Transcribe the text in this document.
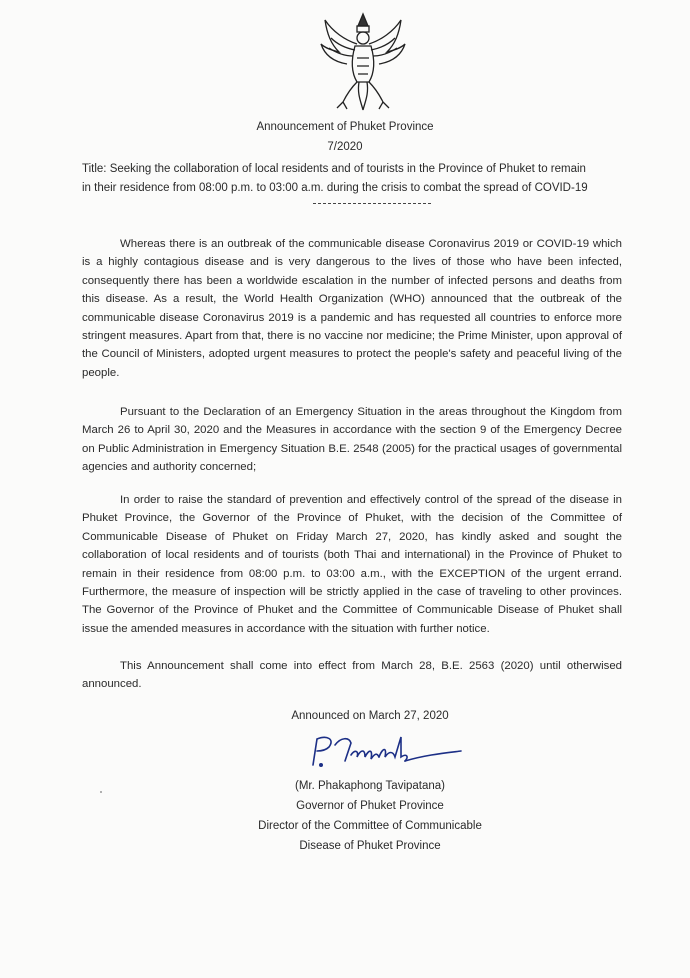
Announcement of Phuket Province
7/2020
Title: Seeking the collaboration of local residents and of tourists in the Province of Phuket to remain
in their residence from 08:00 p.m. to 03:00 a.m. during the crisis to combat the spread of COVID-19

Whereas there is an outbreak of the communicable disease Coronavirus 2019 or COVID-19 which is a highly contagious disease and is very dangerous to the lives of those who have been infected, consequently there has been a worldwide escalation in the number of infected persons and deaths from this disease. As a result, the World Health Organization (WHO) announced that the outbreak of the communicable disease Coronavirus 2019 is a pandemic and has requested all countries to enforce more stringent measures. Apart from that, there is no vaccine nor medicine; the Prime Minister, upon approval of the Council of Ministers, adopted urgent measures to protect the people's safety and peaceful living of the people.

Pursuant to the Declaration of an Emergency Situation in the areas throughout the Kingdom from March 26 to April 30, 2020 and the Measures in accordance with the section 9 of the Emergency Decree on Public Administration in Emergency Situation B.E. 2548 (2005) for the practical usages of governmental agencies and authority concerned;

In order to raise the standard of prevention and effectively control of the spread of the disease in Phuket Province, the Governor of the Province of Phuket, with the decision of the Committee of Communicable Disease of Phuket on Friday March 27, 2020, has kindly asked and sought the collaboration of local residents and of tourists (both Thai and international) in the Province of Phuket to remain in their residence from 08:00 p.m. to 03:00 a.m., with the EXCEPTION of the urgent errand. Furthermore, the measure of inspection will be strictly applied in the case of traveling to other provinces. The Governor of the Province of Phuket and the Committee of Communicable Disease of Phuket shall issue the amended measures in accordance with the situation with further notice.

This Announcement shall come into effect from March 28, B.E. 2563 (2020) until otherwised announced.

Announced on March 27, 2020
(Mr. Phakaphong Tavipatana)
Governor of Phuket Province
Director of the Committee of Communicable
Disease of Phuket Province
